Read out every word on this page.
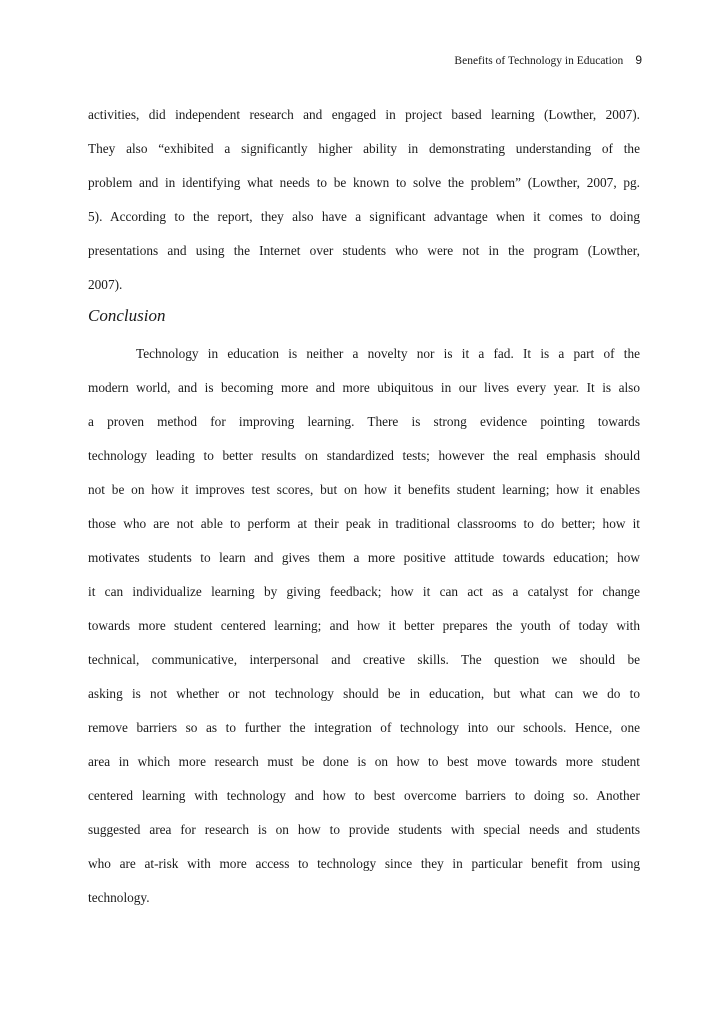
Benefits of Technology in Education 9
activities, did independent research and engaged in project based learning (Lowther, 2007).
They also “exhibited a significantly higher ability in demonstrating understanding of the
problem and in identifying what needs to be known to solve the problem” (Lowther, 2007, pg.
5). According to the report, they also have a significant advantage when it comes to doing
presentations and using the Internet over students who were not in the program (Lowther,
2007).
Conclusion
Technology in education is neither a novelty nor is it a fad. It is a part of the
modern world, and is becoming more and more ubiquitous in our lives every year. It is also
a proven method for improving learning. There is strong evidence pointing towards
technology leading to better results on standardized tests; however the real emphasis should
not be on how it improves test scores, but on how it benefits student learning; how it enables
those who are not able to perform at their peak in traditional classrooms to do better; how it
motivates students to learn and gives them a more positive attitude towards education; how
it can individualize learning by giving feedback; how it can act as a catalyst for change
towards more student centered learning; and how it better prepares the youth of today with
technical, communicative, interpersonal and creative skills. The question we should be
asking is not whether or not technology should be in education, but what can we do to
remove barriers so as to further the integration of technology into our schools. Hence, one
area in which more research must be done is on how to best move towards more student
centered learning with technology and how to best overcome barriers to doing so. Another
suggested area for research is on how to provide students with special needs and students
who are at-risk with more access to technology since they in particular benefit from using
technology.
